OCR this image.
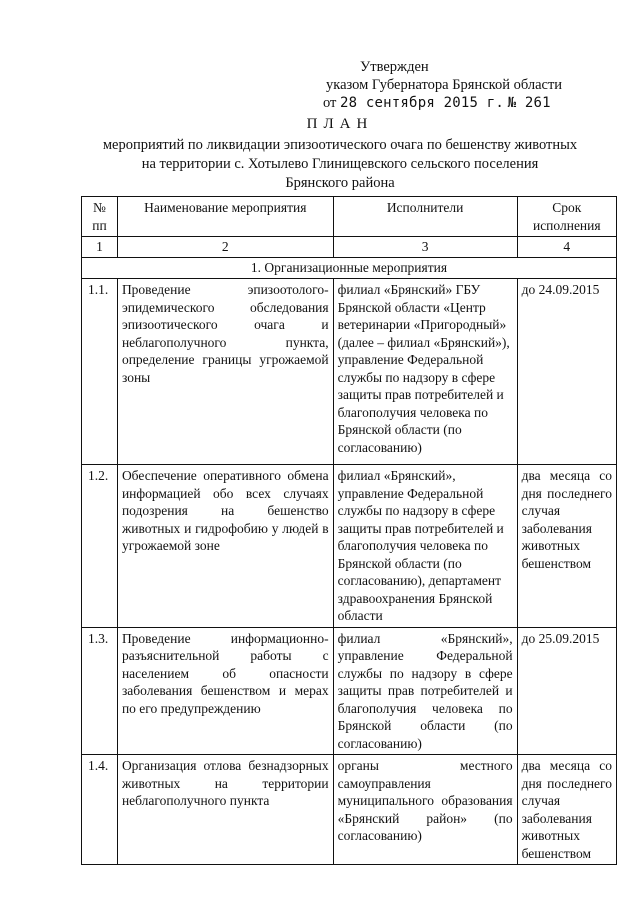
Утвержден
указом Губернатора Брянской области
от 28 сентября 2015 г. № 261
ПЛАН
мероприятий по ликвидации эпизоотического очага по бешенству животных
на территории с. Хотылево Глинищевского сельского поселения
Брянского района
№ пп	Наименование мероприятия	Исполнители	Срок исполнения
1	2	3	4
1. Организационные мероприятия			
1.1.	Проведение эпизоотолого-эпидемического обследования эпизоотического очага и неблагополучного пункта, определение границы угрожаемой зоны	филиал «Брянский» ГБУ Брянской области «Центр ветеринарии «Пригородный» (далее – филиал «Брянский»), управление Федеральной службы по надзору в сфере защиты прав потребителей и благополучия человека по Брянской области (по согласованию)	до 24.09.2015
1.2.	Обеспечение оперативного обмена информацией обо всех случаях подозрения на бешенство животных и гидрофобию у людей в угрожаемой зоне	филиал «Брянский», управление Федеральной службы по надзору в сфере защиты прав потребителей и благополучия человека по Брянской области (по согласованию), департамент здравоохранения Брянской области	два месяца со дня последнего случая заболевания животных бешенством
1.3.	Проведение информационно-разъяснительной работы с населением об опасности заболевания бешенством и мерах по его предупреждению	филиал «Брянский», управление Федеральной службы по надзору в сфере защиты прав потребителей и благополучия человека по Брянской области (по согласованию)	до 25.09.2015
1.4.	Организация отлова безнадзорных животных на территории неблагополучного пункта	органы местного самоуправления муниципального образования «Брянский район» (по согласованию)	два месяца со дня последнего случая заболевания животных бешенством
